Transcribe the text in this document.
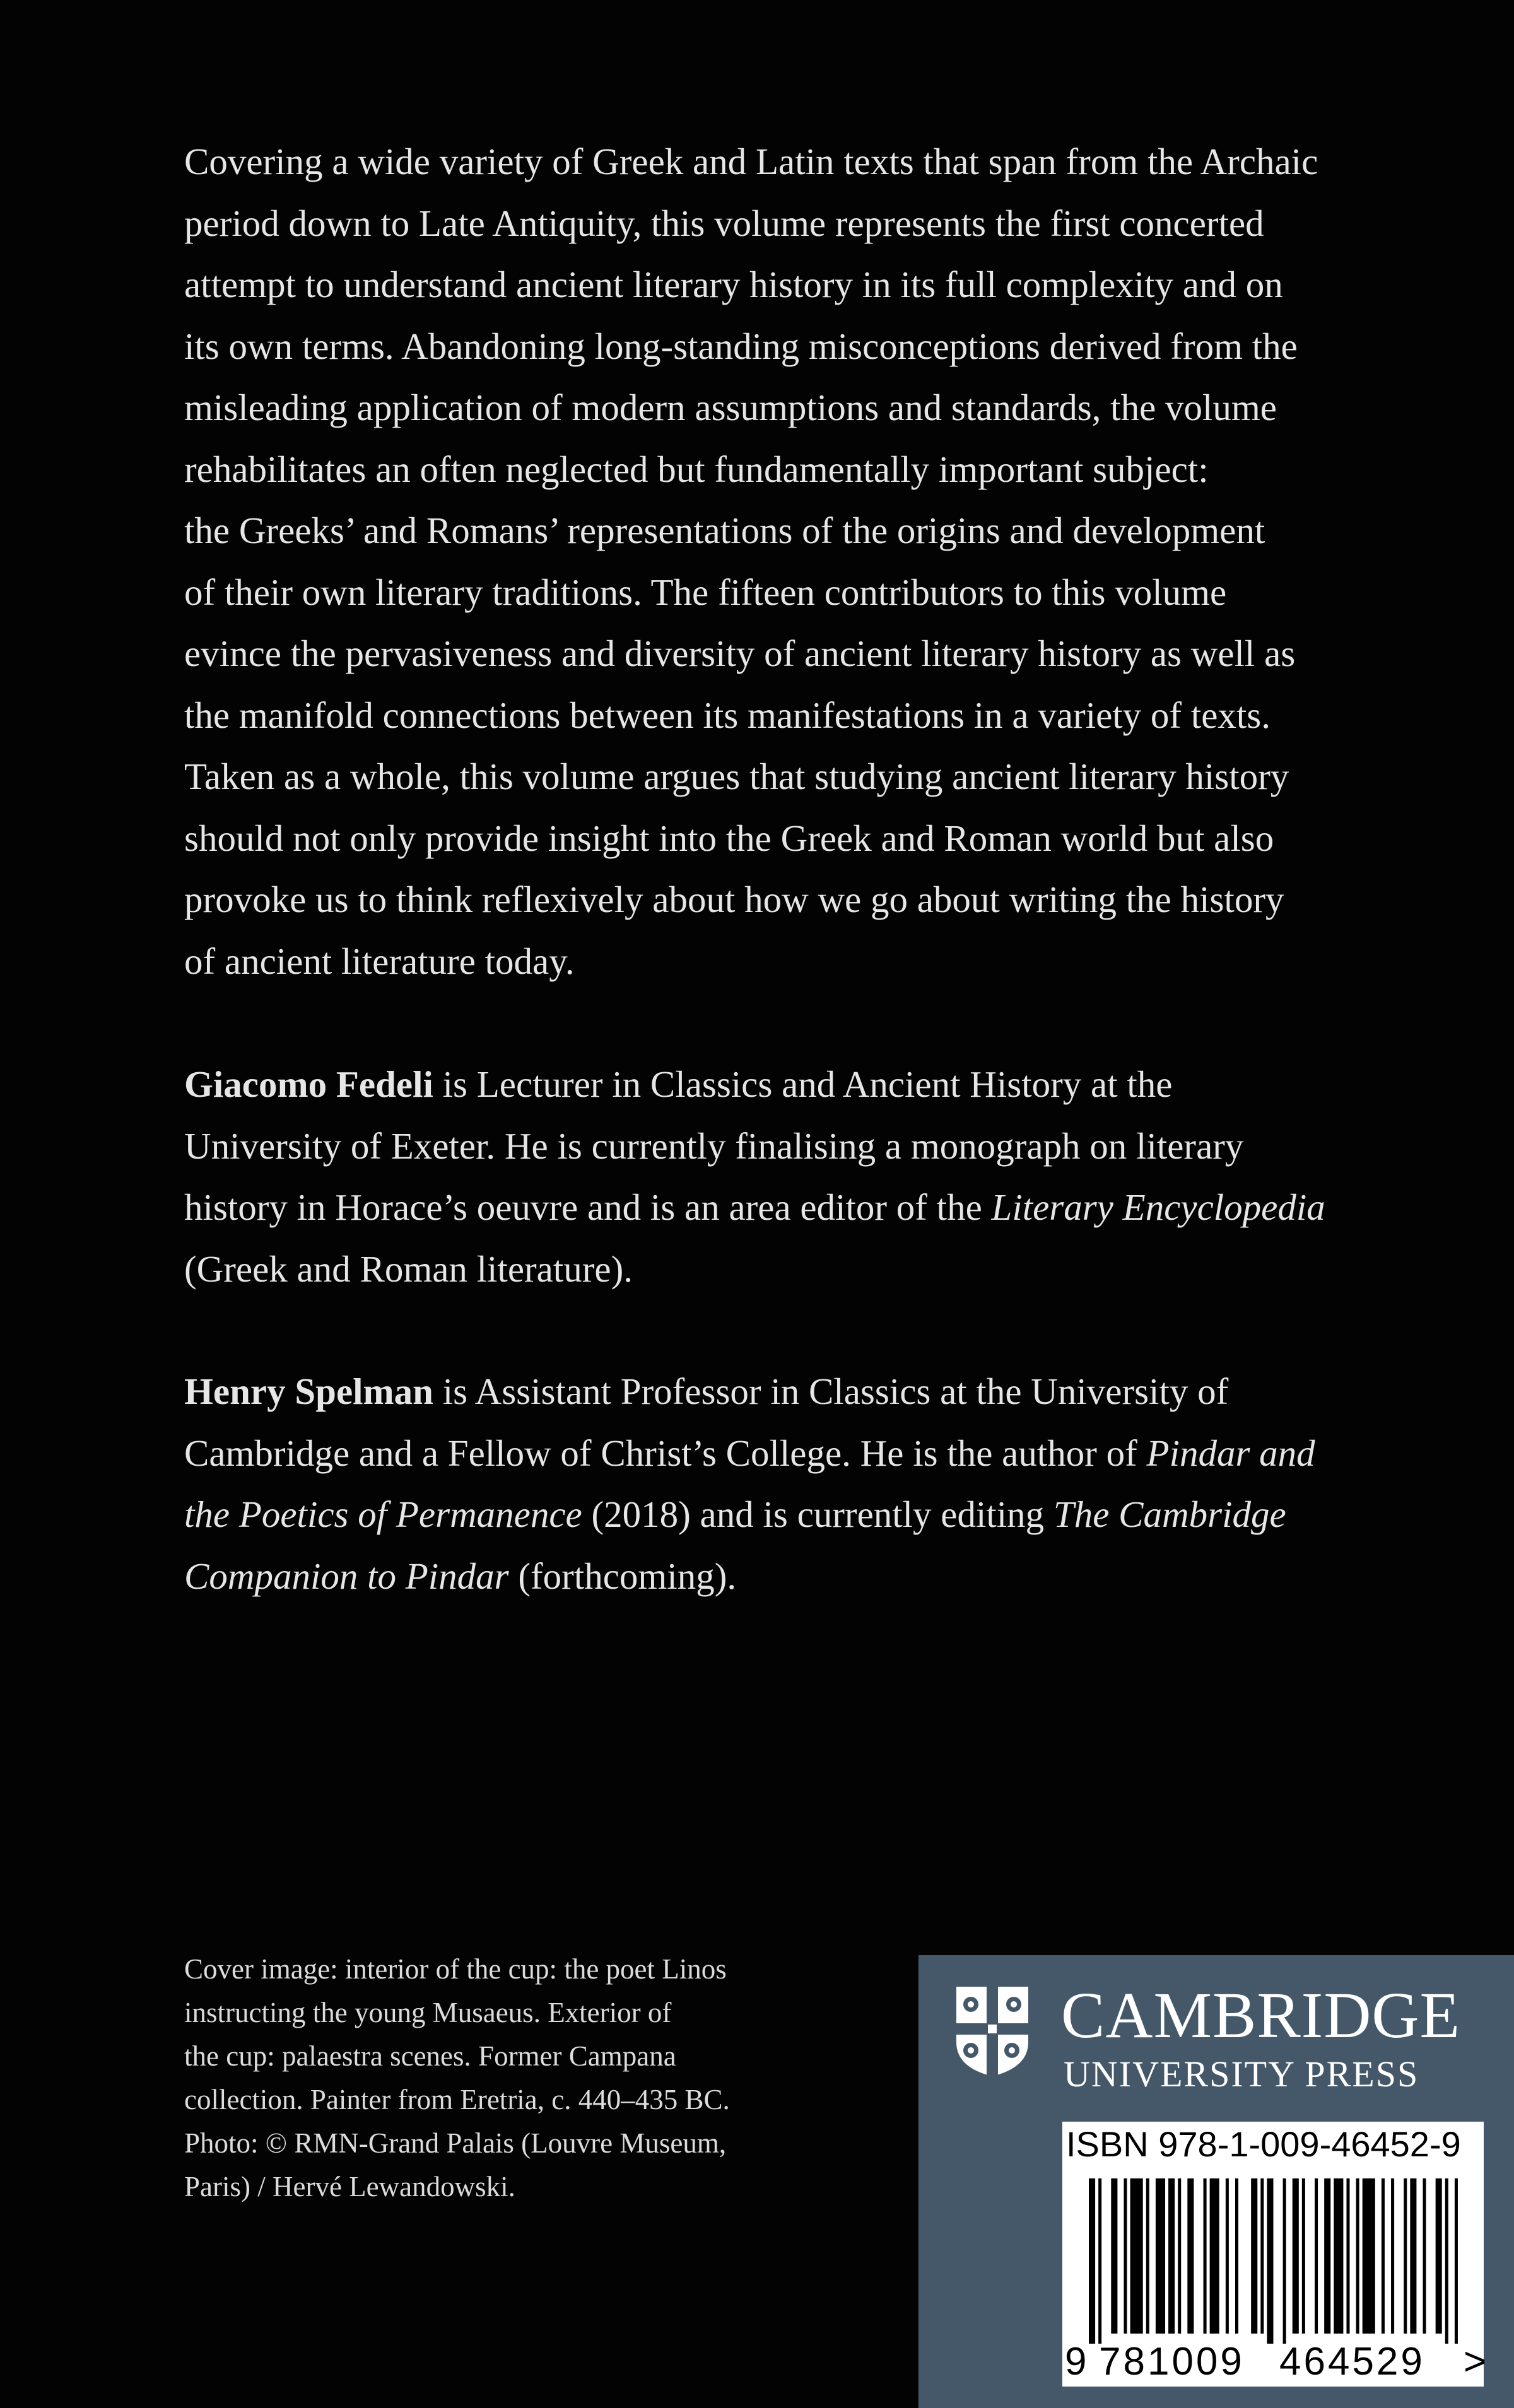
Covering a wide variety of Greek and Latin texts that span from the Archaic
period down to Late Antiquity, this volume represents the first concerted
attempt to understand ancient literary history in its full complexity and on
its own terms. Abandoning long-standing misconceptions derived from the
misleading application of modern assumptions and standards, the volume
rehabilitates an often neglected but fundamentally important subject:
the Greeks’ and Romans’ representations of the origins and development
of their own literary traditions. The fifteen contributors to this volume
evince the pervasiveness and diversity of ancient literary history as well as
the manifold connections between its manifestations in a variety of texts.
Taken as a whole, this volume argues that studying ancient literary history
should not only provide insight into the Greek and Roman world but also
provoke us to think reflexively about how we go about writing the history
of ancient literature today.
Giacomo Fedeli is Lecturer in Classics and Ancient History at the
University of Exeter. He is currently finalising a monograph on literary
history in Horace’s oeuvre and is an area editor of the Literary Encyclopedia
(Greek and Roman literature).
Henry Spelman is Assistant Professor in Classics at the University of
Cambridge and a Fellow of Christ’s College. He is the author of Pindar and
the Poetics of Permanence (2018) and is currently editing The Cambridge
Companion to Pindar (forthcoming).
Cover image: interior of the cup: the poet Linos
instructing the young Musaeus. Exterior of
the cup: palaestra scenes. Former Campana
collection. Painter from Eretria, c. 440–435 BC.
Photo: © RMN-Grand Palais (Louvre Museum,
Paris) / Hervé Lewandowski.
CAMBRIDGE
UNIVERSITY PRESS
ISBN 978-1-009-46452-9
9 781009 464529 >
